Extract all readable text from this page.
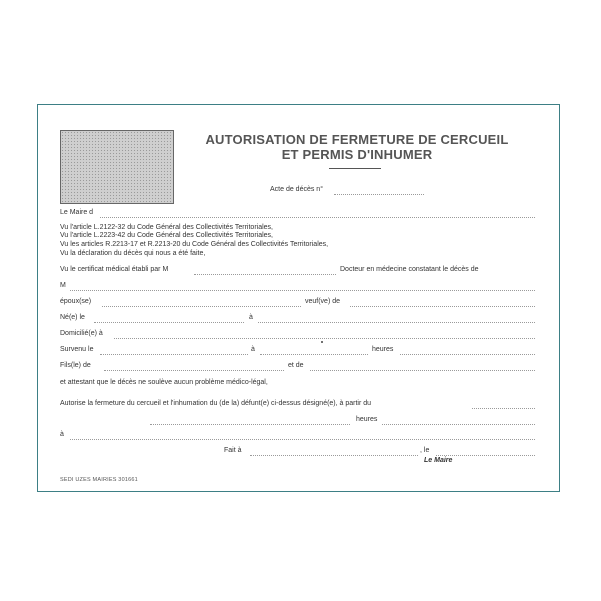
AUTORISATION DE FERMETURE DE CERCUEIL
ET PERMIS D'INHUMER
Acte de décès n°
Le Maire d
Vu l'article L.2122-32 du Code Général des Collectivités Territoriales,
Vu l'article L.2223-42 du Code Général des Collectivités Territoriales,
Vu les articles R.2213-17 et R.2213-20 du Code Général des Collectivités Territoriales,
Vu la déclaration du décès qui nous a été faite,
Vu le certificat médical établi par M	Docteur en médecine constatant le décès de
M
époux(se)	veuf(ve) de
Né(e) le	à
Domicilié(e) à
Survenu le	à	heures
Fils(le) de	et de
et attestant que le décès ne soulève aucun problème médico-légal,
Autorise la fermeture du cercueil et l'inhumation du (de la) défunt(e) ci-dessus désigné(e), à partir du
heures
à
Fait à	, le
Le Maire
SEDI UZES MAIRIES 301661
